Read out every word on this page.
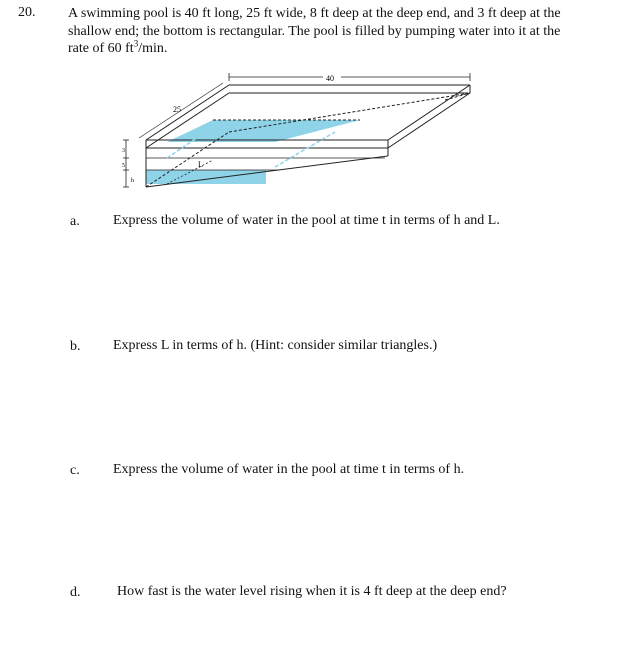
20. A swimming pool is 40 ft long, 25 ft wide, 8 ft deep at the deep end, and 3 ft deep at the
shallow end; the bottom is rectangular. The pool is filled by pumping water into it at the
rate of 60 $ft^3/\min$.
40
25
L
3
5
h
a. Express the volume of water in the pool at time t in terms of h and L.
b. Express L in terms of h. (Hint: consider similar triangles.)
c. Express the volume of water in the pool at time t in terms of h.
d.	How fast is the water level rising when it is 4 ft deep at the deep end?
